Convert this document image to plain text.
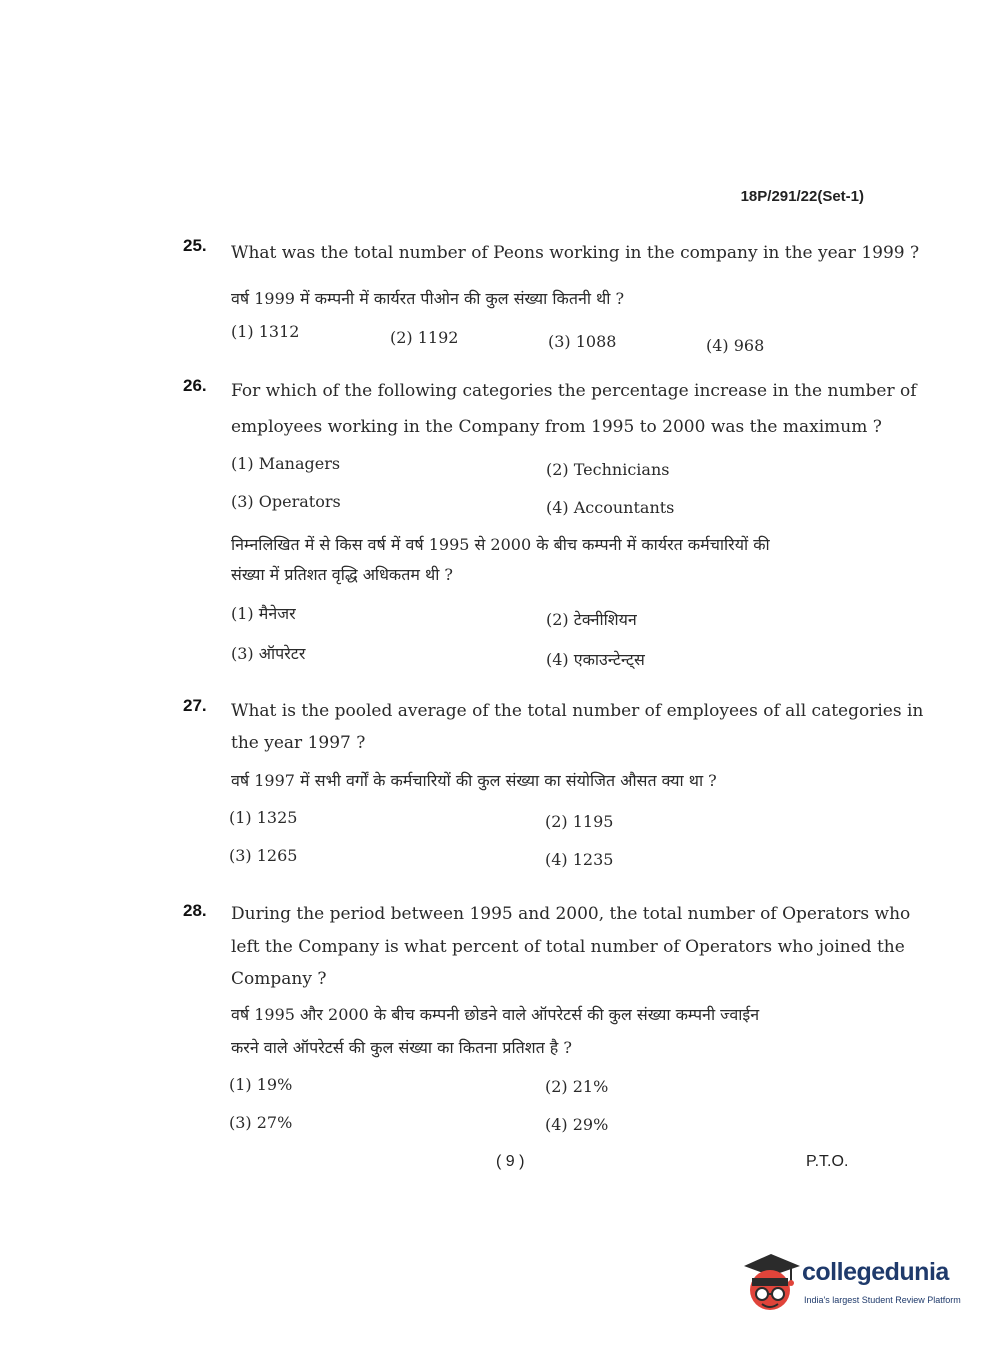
18P/291/22(Set-1)
25.	What was the total number of Peons working in the company in the year 1999 ?
वर्ष 1999 में कम्पनी में कार्यरत पीओन की कुल संख्या कितनी थी ?
(1) 1312	(2) 1192	(3) 1088	(4) 968
26.	For which of the following categories the percentage increase in the number of
employees working in the Company from 1995 to 2000 was the maximum ?
(1) Managers	(2) Technicians
(3) Operators	(4) Accountants
निम्नलिखित में से किस वर्ष में वर्ष 1995 से 2000 के बीच कम्पनी में कार्यरत कर्मचारियों की
संख्या में प्रतिशत वृद्धि अधिकतम थी ?
(1) मैनेजर	(2) टेक्नीशियन
(3) ऑपरेटर	(4) एकाउन्टेन्ट्स
27.	What is the pooled average of the total number of employees of all categories in
the year 1997 ?
वर्ष 1997 में सभी वर्गों के कर्मचारियों की कुल संख्या का संयोजित औसत क्या था ?
(1) 1325	(2) 1195
(3) 1265	(4) 1235
28.	During the period between 1995 and 2000, the total number of Operators who
left the Company is what percent of total number of Operators who joined the
Company ?
वर्ष 1995 और 2000 के बीच कम्पनी छोडने वाले ऑपरेटर्स की कुल संख्या कम्पनी ज्वाईन
करने वाले ऑपरेटर्स की कुल संख्या का कितना प्रतिशत है ?
(1) 19%	(2) 21%
(3) 27%	(4) 29%
( 9 )	P.T.O.
collegedunia
India's largest Student Review Platform
